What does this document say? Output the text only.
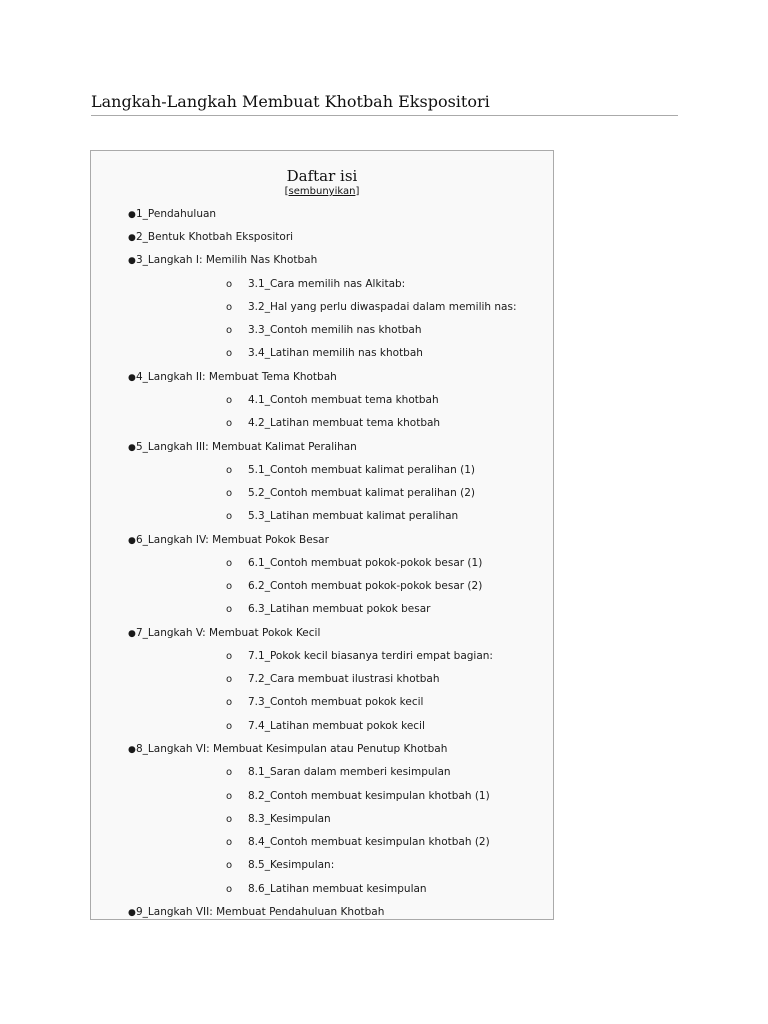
Langkah-Langkah Membuat Khotbah Ekspositori
Daftar isi
[sembunyikan]
●1_Pendahuluan
●2_Bentuk Khotbah Ekspositori
●3_Langkah I: Memilih Nas Khotbah
o 3.1_Cara memilih nas Alkitab:
o 3.2_Hal yang perlu diwaspadai dalam memilih nas:
o 3.3_Contoh memilih nas khotbah
o 3.4_Latihan memilih nas khotbah
●4_Langkah II: Membuat Tema Khotbah
o 4.1_Contoh membuat tema khotbah
o 4.2_Latihan membuat tema khotbah
●5_Langkah III: Membuat Kalimat Peralihan
o 5.1_Contoh membuat kalimat peralihan (1)
o 5.2_Contoh membuat kalimat peralihan (2)
o 5.3_Latihan membuat kalimat peralihan
●6_Langkah IV: Membuat Pokok Besar
o 6.1_Contoh membuat pokok-pokok besar (1)
o 6.2_Contoh membuat pokok-pokok besar (2)
o 6.3_Latihan membuat pokok besar
●7_Langkah V: Membuat Pokok Kecil
o 7.1_Pokok kecil biasanya terdiri empat bagian:
o 7.2_Cara membuat ilustrasi khotbah
o 7.3_Contoh membuat pokok kecil
o 7.4_Latihan membuat pokok kecil
●8_Langkah VI: Membuat Kesimpulan atau Penutup Khotbah
o 8.1_Saran dalam memberi kesimpulan
o 8.2_Contoh membuat kesimpulan khotbah (1)
o 8.3_Kesimpulan
o 8.4_Contoh membuat kesimpulan khotbah (2)
o 8.5_Kesimpulan:
o 8.6_Latihan membuat kesimpulan
●9_Langkah VII: Membuat Pendahuluan Khotbah
